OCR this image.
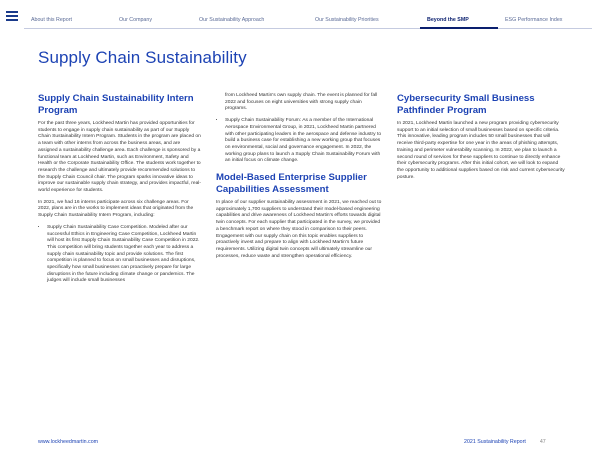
About this Report	Our Company	Our Sustainability Approach	Our Sustainability Priorities	Beyond the SMP	ESG Performance Index
Supply Chain Sustainability
Supply Chain Sustainability Intern Program

For the past three years, Lockheed Martin has provided opportunities for students to engage in supply chain sustainability as part of our Supply Chain Sustainability Intern Program. Students in the program are placed on a team with other interns from across the business areas, and are assigned a sustainability challenge area. Each challenge is sponsored by a functional team at Lockheed Martin, such as Environment, Safety and Health or the Corporate Sustainability Office. The students work together to research the challenge and ultimately provide recommended solutions to the Supply Chain Council chair. The program sparks innovative ideas to improve our sustainable supply chain strategy, and provides impactful, real-world experience for students.

In 2021, we had 16 interns participate across six challenge areas. For 2022, plans are in the works to implement ideas that originated from the Supply Chain Sustainability Intern Program, including:

• Supply Chain Sustainability Case Competition. Modeled after our successful Ethics in Engineering Case Competition, Lockheed Martin will host its first Supply Chain Sustainability Case Competition in 2022. This competition will bring students together each year to address a supply chain sustainability topic and provide solutions. The first competition is planned to focus on small businesses and disruptions, specifically how small businesses can proactively prepare for large disruptions in the future including climate change or pandemics. The judges will include small businesses

from Lockheed Martin's own supply chain. The event is planned for fall 2022 and focuses on eight universities with strong supply chain programs.

• Supply Chain Sustainability Forum: As a member of the International Aerospace Environmental Group, in 2021, Lockheed Martin partnered with other participating leaders in the aerospace and defense industry to build a business case for establishing a new working group that focuses on environmental, social and governance engagement. In 2022, the working group plans to launch a Supply Chain Sustainability Forum with an initial focus on climate change.
Model-Based Enterprise Supplier Capabilities Assessment

In place of our supplier sustainability assessment in 2021, we reached out to approximately 1,700 suppliers to understand their model-based engineering capabilities and drive awareness of Lockheed Martin's efforts towards digital twin concepts. For each supplier that participated in the survey, we provided a benchmark report on where they stood in comparison to their peers. Engagement with our supply chain on this topic enables suppliers to proactively invest and prepare to align with Lockheed Martin's future requirements. Utilizing digital twin concepts will ultimately streamline our processes, reduce waste and strengthen operational efficiency.

Cybersecurity Small Business Pathfinder Program

In 2021, Lockheed Martin launched a new program providing cybersecurity support to an initial selection of small businesses based on specific criteria. This innovative, leading program includes 50 small businesses that will receive third-party expertise for one year in the areas of phishing attempts, training and perimeter vulnerability scanning. In 2022, we plan to launch a second round of services for these suppliers to continue to directly enhance their cybersecurity programs. After this initial cohort, we will look to expand the opportunity to additional suppliers based on risk and current cybersecurity posture.

www.lockheedmartin.com	2021 Sustainability Report	47
